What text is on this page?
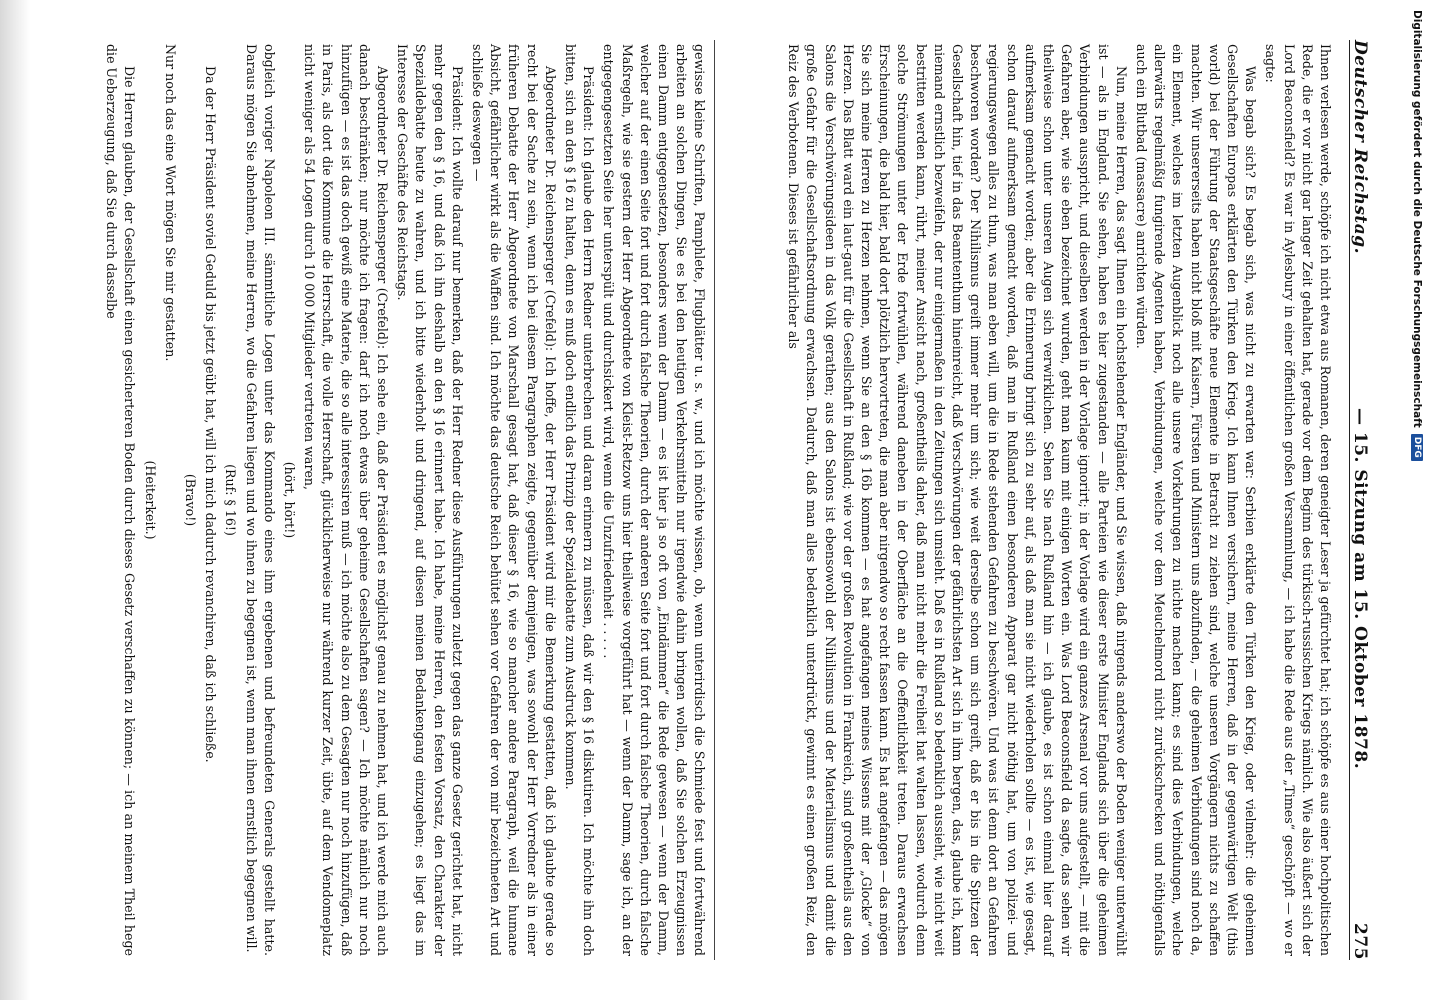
Deutscher Reichstag.
— 15. Sitzung am 15. Oktober 1878.
275

Ihnen verlesen werde, schöpfe ich nicht etwa aus Romanen, deren geneigter Leser ja gefürchtet hat; ich schöpfe es aus einer hochpolitischen Rede, die er vor nicht gar langer Zeit gehalten hat, gerade vor dem Beginn des türkisch-russischen Kriegs nämlich. Wie also äußert sich der Lord Beaconsfield? Es war in Aylesbury in einer öffentlichen großen Versammlung, — ich habe die Rede aus der „Times“ geschöpft — wo er sagte:

Was begab sich? Es begab sich, was nicht zu erwarten war: Serbien erklärte den Türken den Krieg, oder vielmehr: die geheimen Gesellschaften Europas erklärten den Türken den Krieg. Ich kann Ihnen versichern, meine Herren, daß in der gegenwärtigen Welt (this world) bei der Führung der Staatsgeschäfte neue Elemente in Betracht zu ziehen sind, welche unseren Vorgängern nichts zu schaffen machten. Wir unsererseits haben nicht bloß mit Kaisern, Fürsten und Ministern uns abzufinden, — die geheimen Verbindungen sind noch da, ein Element, welches im letzten Augenblick noch alle unsere Vorkehrungen zu nichte machen kann; es sind dies Verbindungen, welche allerwärts regelmäßig fungirende Agenten haben, Verbindungen, welche vor dem Meuchelmord nicht zurückschrecken und nöthigenfalls auch ein Blutbad (massacre) anrichten würden.

Nun, meine Herren, das sagt Ihnen ein hochstehender Engländer, und Sie wissen, daß nirgends anderswo der Boden weniger unterwühlt ist — als in England. Sie sehen, haben es hier zugestanden — alle Parteien wie dieser erste Minister Englands sich über die geheimen Verbindungen ausspricht, und dieselben werden in der Vorlage ignorirt; in der Vorlage wird ein ganzes Arsenal vor uns aufgestellt, — mit die Gefahren aber, wie sie eben bezeichnet wurden, geht man kaum mit einigen Worten ein. Was Lord Beaconsfield da sagte, das sehen wir theilweise schon unter unseren Augen sich verwirklichen. Sehen Sie nach Rußland hin — ich glaube, es ist schon einmal hier darauf aufmerksam gemacht worden; aber die Erinnerung bringt sich zu sehr auf, als daß man sie nicht wiederholen sollte — es ist, wie gesagt, schon darauf aufmerksam gemacht worden, daß man in Rußland einen besonderen Apparat gar nicht nöthig hat, um von polizei- und regierungswegen alles zu thun, was man eben will, um die in Rede stehenden Gefahren zu beschwören. Und was ist denn dort an Gefahren beschworen worden? Der Nihilismus greift immer mehr um sich; wie weit derselbe schon um sich greift, daß er bis in die Spitzen der Gesellschaft hin, tief in das Beamtenthum hineinreicht, daß Verschwörungen der gefährlichsten Art sich in ihm bergen, das, glaube ich, kann niemand ernstlich bezweifeln, der nur einigermaßen in den Zeitungen sich umsieht. Daß es in Rußland so bedenklich aussieht, wie nicht weit bestritten werden kann, rührt, meiner Ansicht nach, großentheils daher, daß man nicht mehr die Freiheit hat walten lassen, wodurch denn solche Strömungen unter der Erde fortwühlen, während daneben in der Oberfläche an die Oeffentlichkeit treten. Daraus erwachsen Erscheinungen, die bald hier, bald dort plötzlich hervortreten, die man aber nirgendwo so recht fassen kann. Es hat angefangen — das mögen Sie sich meine Herren zu Herzen nehmen, wenn Sie an den § 16b kommen — es hat angefangen meines Wissens mit der „Glocke“ von Herzen. Das Blatt ward ein laut-gaut für die Gesellschaft in Rußland; wie vor der großen Revolution in Frankreich, sind großentheils aus den Salons die Verschwörungsideen in das Volk gerathen; aus den Salons ist ebensowohl der Nihilismus und der Materialismus und damit die große Gefahr für die Gesellschaftsordnung erwachsen. Dadurch, daß man alles bedenklich unterdrückt, gewinnt es einen großen Reiz, den Reiz des Verbotenen. Dieses ist gefährlicher als

gewisse kleine Schriften, Pamphlete, Flugblätter u. s. w., und ich möchte wissen, ob, wenn unterirdisch die Schmiede fest und fortwährend arbeiten an solchen Dingen, Sie es bei den heutigen Verkehrsmitteln nur irgendwie dahin bringen wollen, daß Sie solchen Erzeugnissen einen Damm entgegensetzen, besonders wenn der Damm — es ist hier ja so oft von „Eindämmen“ die Rede gewesen — wenn der Damm, welcher auf der einen Seite fort und fort durch falsche Theorien, durch der anderen Seite fort und fort durch falsche Theorien, durch falsche Maßregeln, wie sie gestern der Herr Abgeordnete von Kleist-Retzow uns hier theilweise vorgeführt hat — wenn der Damm, sage ich, an der entgegengesetzten Seite her unterspült und durchsickert wird, wenn die Unzufriedenheit . . . . .

Präsident: Ich glaube den Herrn Redner unterbrechen und daran erinnern zu müssen, daß wir den § 16 diskutiren. Ich möchte ihn doch bitten, sich an den § 16 zu halten, denn es muß doch endlich das Prinzip der Spezialdebatte zum Ausdruck kommen.

Abgeordneter Dr. Reichensperger (Crefeld): Ich hoffe, der Herr Präsident wird mir die Bemerkung gestatten, daß ich glaubte gerade so recht bei der Sache zu sein, wenn ich bei diesem Paragraphen zeigte, gegenüber demjenigen, was sowohl der Herr Vorredner als in einer früheren Debatte der Herr Abgeordnete von Marschall gesagt hat, daß dieser § 16, wie so mancher andere Paragraph, weil die humane Absicht, gefährlicher wirkt als die Waffen sind. Ich möchte das deutsche Reich behütet sehen vor Gefahren der von mir bezeichneten Art und schließe deswegen —

Präsident: Ich wollte darauf nur bemerken, daß der Herr Redner diese Ausführungen zuletzt gegen das ganze Gesetz gerichtet hat, nicht mehr gegen den § 16, und daß ich ihn deshalb an den § 16 erinnert habe. Ich habe, meine Herren, den festen Vorsatz, den Charakter der Spezialdebatte heute zu wahren, und ich bitte wiederholt und dringend, auf diesen meinen Bedankengang einzugehen; es liegt das im Interesse der Geschäfte des Reichstags.

Abgeordneter Dr. Reichensperger (Crefeld): Ich sehe ein, daß der Präsident es möglichst genau zu nehmen hat, und ich werde mich auch danach beschränken; nur möchte ich fragen: darf ich noch etwas über geheime Gesellschaften sagen? — Ich möchte nämlich nur noch hinzufügen — es ist das doch gewiß eine Materie, die so alle interessiren muß — ich möchte also zu dem Gesagten nur noch hinzufügen, daß in Paris, als dort die Kommune die Herrschaft, die volle Herrschaft, glücklicherweise nur während kurzer Zeit, übte, auf dem Vendomeplatz nicht weniger als 54 Logen durch 10 000 Mitglieder vertreten waren,

(hört, hört!)

obgleich voriger Napoleon III. sämmtliche Logen unter das Kommando eines ihm ergebenen und befreundeten Generals gestellt hatte. Daraus mögen Sie abnehmen, meine Herren, wo die Gefahren liegen und wo ihnen zu begegnen ist, wenn man ihnen ernstlich begegnen will.

(Ruf: § 16!)

Da der Herr Präsident soviel Geduld bis jetzt geübt hat, will ich mich dadurch revanchiren, daß ich schließe.

(Bravo!)

Nur noch das eine Wort mögen Sie mir gestatten.

(Heiterkeit.)

Die Herren glauben, der Gesellschaft einen gesicherteren Boden durch dieses Gesetz verschaffen zu können; — ich an meinem Theil hege die Ueberzeugung, daß Sie durch dasselbe	Digitalisierung gefördert durch die Deutsche Forschungsgemeinschaft
DFG
